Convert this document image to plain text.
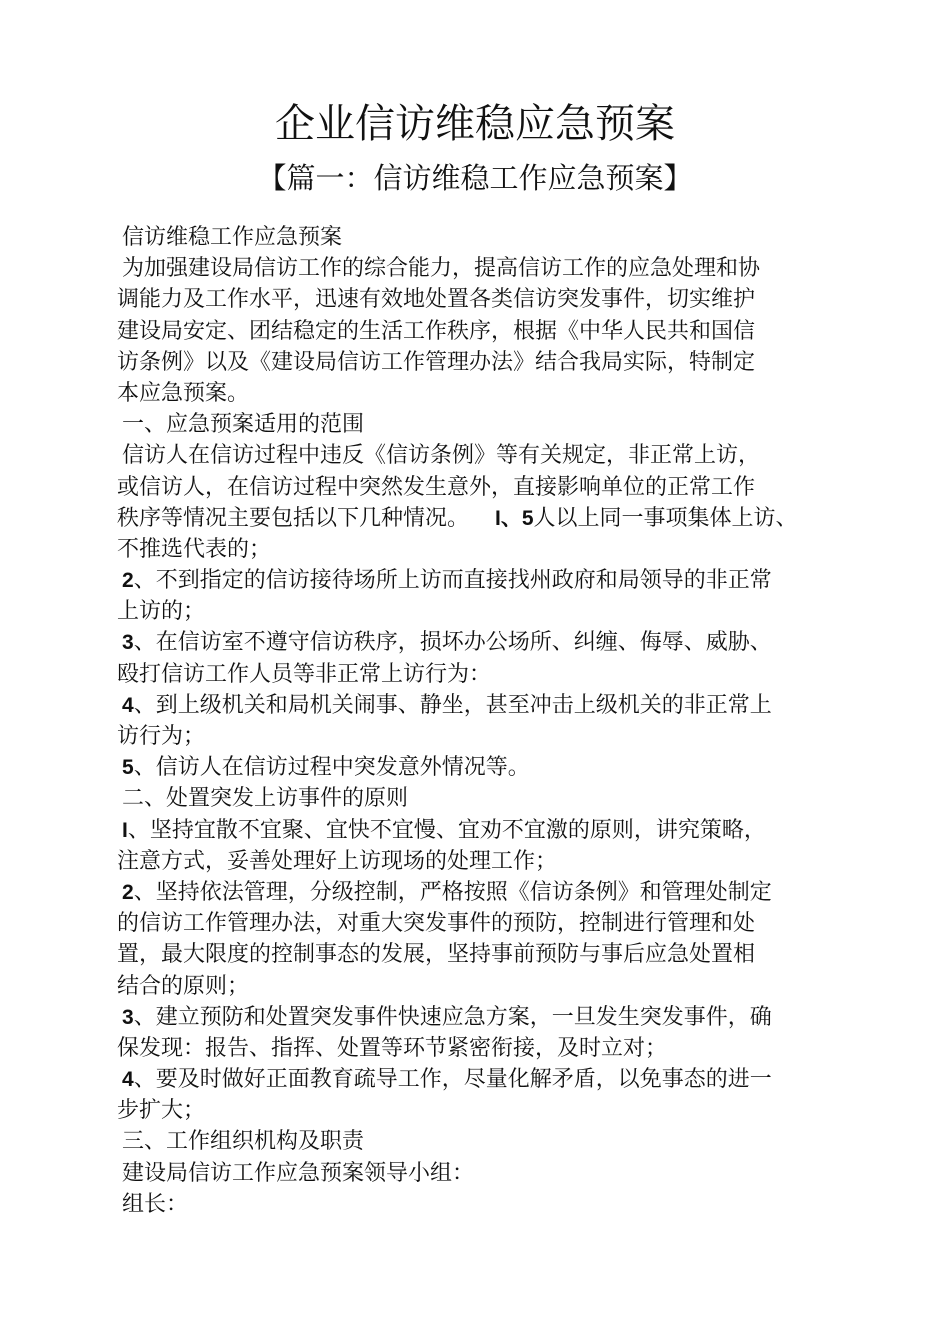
企业信访维稳应急预案
【篇一：信访维稳工作应急预案】
信访维稳工作应急预案
为加强建设局信访工作的综合能力，提高信访工作的应急处理和协
调能力及工作水平，迅速有效地处置各类信访突发事件，切实维护
建设局安定、团结稳定的生活工作秩序，根据《中华人民共和国信
访条例》以及《建设局信访工作管理办法》结合我局实际，特制定
本应急预案。
一、应急预案适用的范围
信访人在信访过程中违反《信访条例》等有关规定，非正常上访，
或信访人，在信访过程中突然发生意外，直接影响单位的正常工作
秩序等情况主要包括以下几种情况。 I、5人以上同一事项集体上访、
不推选代表的；
2、不到指定的信访接待场所上访而直接找州政府和局领导的非正常
上访的；
3、在信访室不遵守信访秩序，损坏办公场所、纠缠、侮辱、威胁、
殴打信访工作人员等非正常上访行为：
4、到上级机关和局机关闹事、静坐，甚至冲击上级机关的非正常上
访行为；
5、信访人在信访过程中突发意外情况等。
二、处置突发上访事件的原则
I、坚持宜散不宜聚、宜快不宜慢、宜劝不宜激的原则，讲究策略，
注意方式，妥善处理好上访现场的处理工作；
2、坚持依法管理，分级控制，严格按照《信访条例》和管理处制定
的信访工作管理办法，对重大突发事件的预防，控制进行管理和处
置，最大限度的控制事态的发展，坚持事前预防与事后应急处置相
结合的原则；
3、建立预防和处置突发事件快速应急方案，一旦发生突发事件，确
保发现：报告、指挥、处置等环节紧密衔接，及时立对；
4、要及时做好正面教育疏导工作，尽量化解矛盾，以免事态的进一
步扩大；
三、工作组织机构及职责
建设局信访工作应急预案领导小组：
组长：
